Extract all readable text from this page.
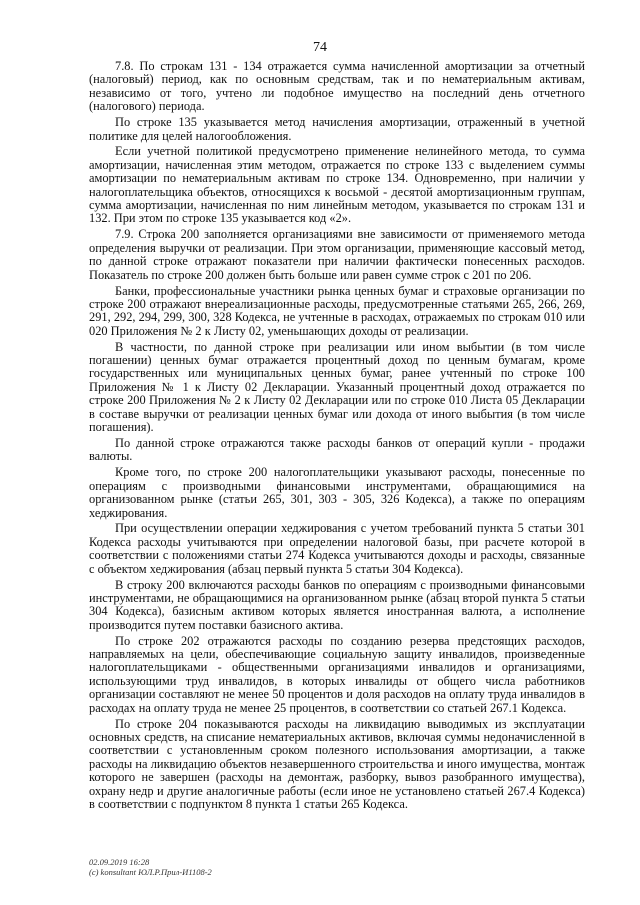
74

7.8. По строкам 131 - 134 отражается сумма начисленной амортизации за отчетный (налоговый) период, как по основным средствам, так и по нематериальным активам, независимо от того, учтено ли подобное имущество на последний день отчетного (налогового) периода.

По строке 135 указывается метод начисления амортизации, отраженный в учетной политике для целей налогообложения.

Если учетной политикой предусмотрено применение нелинейного метода, то сумма амортизации, начисленная этим методом, отражается по строке 133 с выделением суммы амортизации по нематериальным активам по строке 134. Одновременно, при наличии у налогоплательщика объектов, относящихся к восьмой - десятой амортизационным группам, сумма амортизации, начисленная по ним линейным методом, указывается по строкам 131 и 132. При этом по строке 135 указывается код «2».

7.9. Строка 200 заполняется организациями вне зависимости от применяемого метода определения выручки от реализации. При этом организации, применяющие кассовый метод, по данной строке отражают показатели при наличии фактически понесенных расходов. Показатель по строке 200 должен быть больше или равен сумме строк с 201 по 206.

Банки, профессиональные участники рынка ценных бумаг и страховые организации по строке 200 отражают внереализационные расходы, предусмотренные статьями 265, 266, 269, 291, 292, 294, 299, 300, 328 Кодекса, не учтенные в расходах, отражаемых по строкам 010 или 020 Приложения № 2 к Листу 02, уменьшающих доходы от реализации.

В частности, по данной строке при реализации или ином выбытии (в том числе погашении) ценных бумаг отражается процентный доход по ценным бумагам, кроме государственных или муниципальных ценных бумаг, ранее учтенный по строке 100 Приложения № 1 к Листу 02 Декларации. Указанный процентный доход отражается по строке 200 Приложения № 2 к Листу 02 Декларации или по строке 010 Листа 05 Декларации в составе выручки от реализации ценных бумаг или дохода от иного выбытия (в том числе погашения).

По данной строке отражаются также расходы банков от операций купли - продажи валюты.

Кроме того, по строке 200 налогоплательщики указывают расходы, понесенные по операциям с производными финансовыми инструментами, обращающимися на организованном рынке (статьи 265, 301, 303 - 305, 326 Кодекса), а также по операциям хеджирования.

При осуществлении операции хеджирования с учетом требований пункта 5 статьи 301 Кодекса расходы учитываются при определении налоговой базы, при расчете которой в соответствии с положениями статьи 274 Кодекса учитываются доходы и расходы, связанные с объектом хеджирования (абзац первый пункта 5 статьи 304 Кодекса).

В строку 200 включаются расходы банков по операциям с производными финансовыми инструментами, не обращающимися на организованном рынке (абзац второй пункта 5 статьи 304 Кодекса), базисным активом которых является иностранная валюта, а исполнение производится путем поставки базисного актива.

По строке 202 отражаются расходы по созданию резерва предстоящих расходов, направляемых на цели, обеспечивающие социальную защиту инвалидов, произведенные налогоплательщиками - общественными организациями инвалидов и организациями, использующими труд инвалидов, в которых инвалиды от общего числа работников организации составляют не менее 50 процентов и доля расходов на оплату труда инвалидов в расходах на оплату труда не менее 25 процентов, в соответствии со статьей 267.1 Кодекса.

По строке 204 показываются расходы на ликвидацию выводимых из эксплуатации основных средств, на списание нематериальных активов, включая суммы недоначисленной в соответствии с установленным сроком полезного использования амортизации, а также расходы на ликвидацию объектов незавершенного строительства и иного имущества, монтаж которого не завершен (расходы на демонтаж, разборку, вывоз разобранного имущества), охрану недр и другие аналогичные работы (если иное не установлено статьей 267.4 Кодекса) в соответствии с подпунктом 8 пункта 1 статьи 265 Кодекса.

02.09.2019 16:28
(c) konsultant ЮЛ.Р.Прил-И1108-2
